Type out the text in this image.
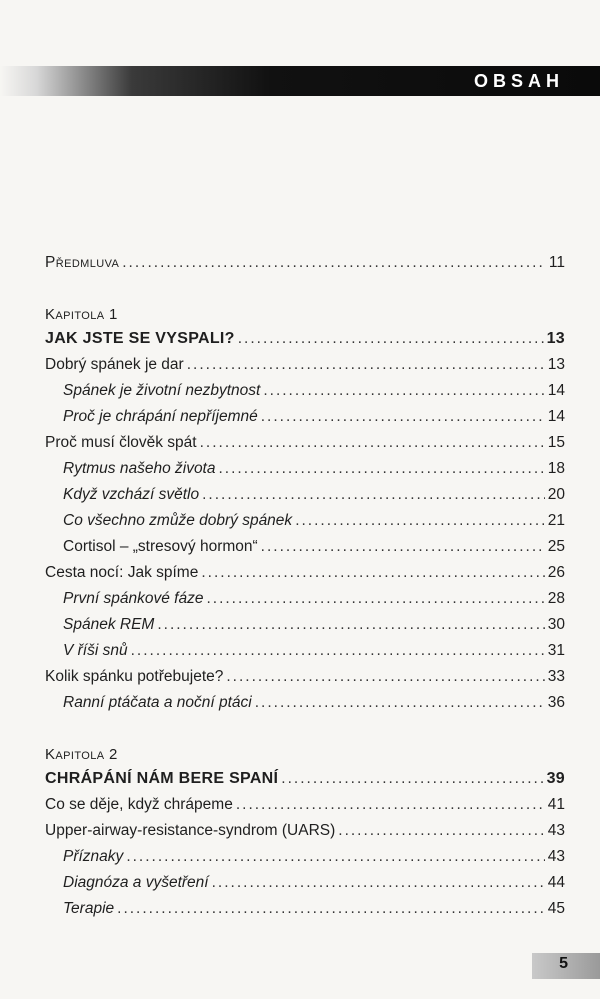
OBSAH
Předmluva .....	11
Kapitola 1
JAK JSTE SE VYSPALI? .....	13
Dobrý spánek je dar .....	13
Spánek je životní nezbytnost .....	14
Proč je chrápání nepříjemné .....	14
Proč musí člověk spát .....	15
Rytmus našeho života .....	18
Když vzchází světlo .....	20
Co všechno zmůže dobrý spánek .....	21
Cortisol – „stresový hormon“ .....	25
Cesta nocí: Jak spíme .....	26
První spánkové fáze .....	28
Spánek REM .....	30
V říši snů .....	31
Kolik spánku potřebujete? .....	33
Ranní ptáčata a noční ptáci .....	36
Kapitola 2
CHRÁPÁNÍ NÁM BERE SPANÍ .....	39
Co se děje, když chrápeme .....	41
Upper-airway-resistance-syndrom (UARS) .....	43
Příznaky .....	43
Diagnóza a vyšetření .....	44
Terapie .....	45
5
